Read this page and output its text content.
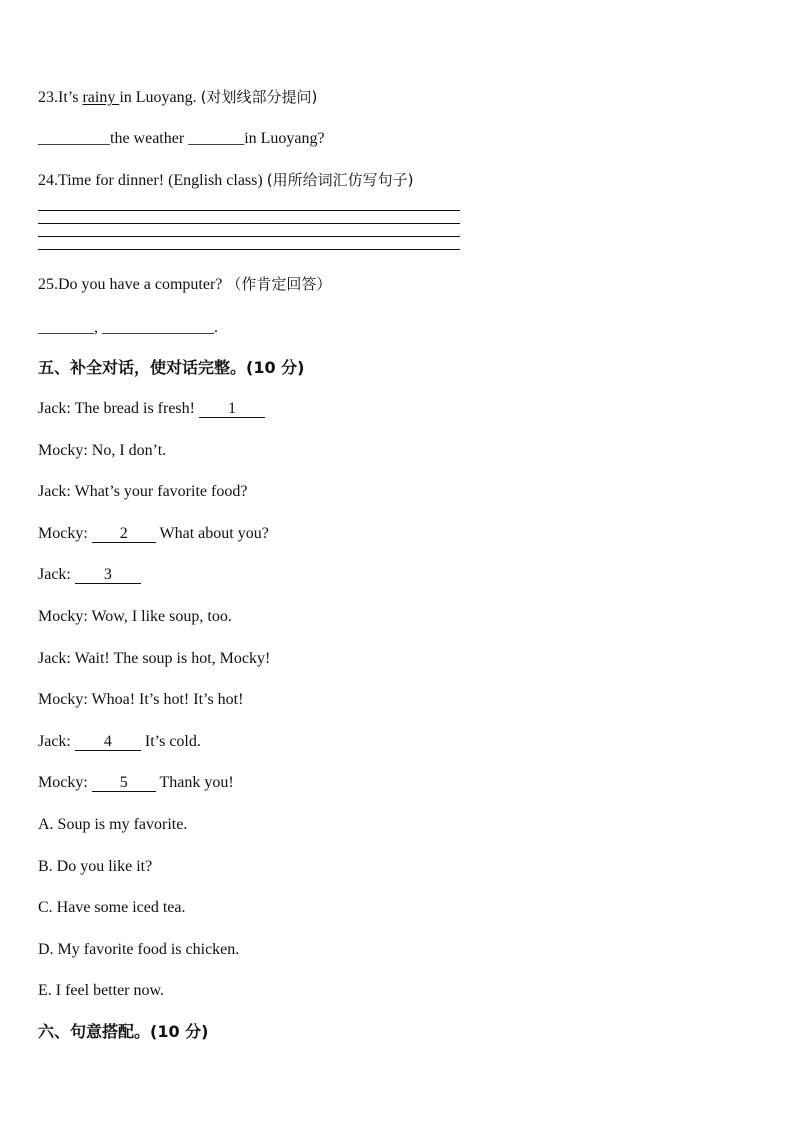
23.It’s rainy in Luoyang. (对划线部分提问)
_________the weather _______in Luoyang?
24.Time for dinner! (English class) (用所给词汇仿写句子)
25.Do you have a computer? （作肯定回答）
_______, ______________.
五、补全对话，使对话完整。(10 分)
Jack: The bread is fresh! 1
Mocky: No, I don’t.
Jack: What’s your favorite food?
Mocky: 2 What about you?
Jack: 3
Mocky: Wow, I like soup, too.
Jack: Wait! The soup is hot, Mocky!
Mocky: Whoa! It’s hot! It’s hot!
Jack: 4 It’s cold.
Mocky: 5 Thank you!
A. Soup is my favorite.
B. Do you like it?
C. Have some iced tea.
D. My favorite food is chicken.
E. I feel better now.
六、句意搭配。(10 分)
